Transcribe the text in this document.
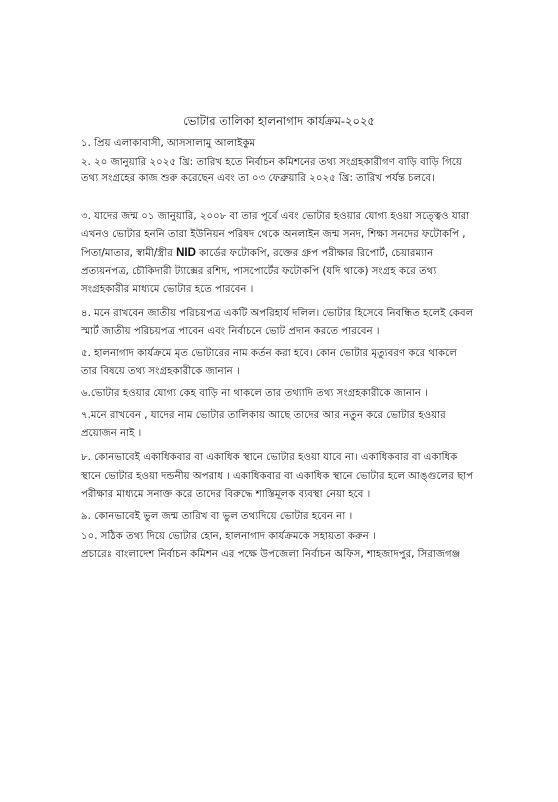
ভোটার তালিকা হালনাগাদ কার্যক্রম-২০২৫
১. প্রিয় এলাকাবাসী, আসসালামু আলাইকুম
২. ২০ জানুয়ারি ২০২৫ খ্রি: তারিখ হতে নির্বাচন কমিশনের তথ্য সংগ্রহকারীগণ বাড়ি বাড়ি গিয়ে
তথ্য সংগ্রহের কাজ শুরু করেছেন এবং তা ০৩ ফেব্রুয়ারি ২০২৫ খ্রি: তারিখ পর্যন্ত চলবে।
৩. যাদের জন্ম ০১ জানুয়ারি, ২০০৮ বা তার পূর্বে এবং ভোটার হওয়ার যোগ্য হওয়া সত্ত্বেও যারা
এখনও ভোটার হননি তারা ইউনিয়ন পরিষদ থেকে অনলাইন জন্ম সনদ, শিক্ষা সনদের ফটোকপি ,
পিতা/মাতার, স্বামী/স্ত্রীর NID কার্ডের ফটোকপি, রক্তের গ্রুপ পরীক্ষার রিপোর্ট, চেয়ারম্যান
প্রত্যয়নপত্র, চৌকিদারী ট্যাক্সের রশিদ, পাসপোর্টের ফটোকপি (যদি থাকে) সংগ্রহ করে তথ্য
সংগ্রহকারীর মাধ্যমে ভোটার হতে পারবেন ।
৪. মনে রাখবেন জাতীয় পরিচয়পত্র একটি অপরিহার্য দলিল। ভোটার হিসেবে নিবন্ধিত হলেই কেবল
স্মার্ট জাতীয় পরিচয়পত্র পাবেন এবং নির্বাচনে ভোট প্রদান করতে পারবেন ।
৫. হালনাগাদ কার্যক্রমে মৃত ভোটারের নাম কর্তন করা হবে। কোন ভোটার মৃত্যুবরণ করে থাকলে
তার বিষয়ে তথ্য সংগ্রহকারীকে জানান ।
৬.ভোটার হওয়ার যোগ্য কেহ বাড়ি না থাকলে তার তথ্যাদি তথ্য সংগ্রহকারীকে জানান ।
৭.মনে রাখবেন , যাদের নাম ভোটার তালিকায় আছে তাদের আর নতুন করে ভোটার হওয়ার
প্রয়োজন নাই ।
৮. কোনভাবেই একাধিকবার বা একাধিক স্থানে ভোটার হওয়া যাবে না। একাধিকবার বা একাধিক
স্থানে ভোটার হওয়া দন্ডনীয় অপরাধ । একাধিকবার বা একাধিক স্থানে ভোটার হলে আঙ্গুলের ছাপ
পরীক্ষার মাধ্যমে সনাক্ত করে তাদের বিরুদ্ধে শাস্তিমূলক ব্যবস্থা নেয়া হবে ।
৯. কোনভাবেই ভুল জন্ম তারিখ বা ভুল তথ্যদিয়ে ভোটার হবেন না ।
১০. সঠিক তথ্য দিয়ে ভোটার হোন, হালনাগাদ কার্যক্রমকে সহায়তা করুন ।
প্রচারেঃ বাংলাদেশ নির্বাচন কমিশন এর পক্ষে উপজেলা নির্বাচন অফিস, শাহজাদপুর, সিরাজগঞ্জ
